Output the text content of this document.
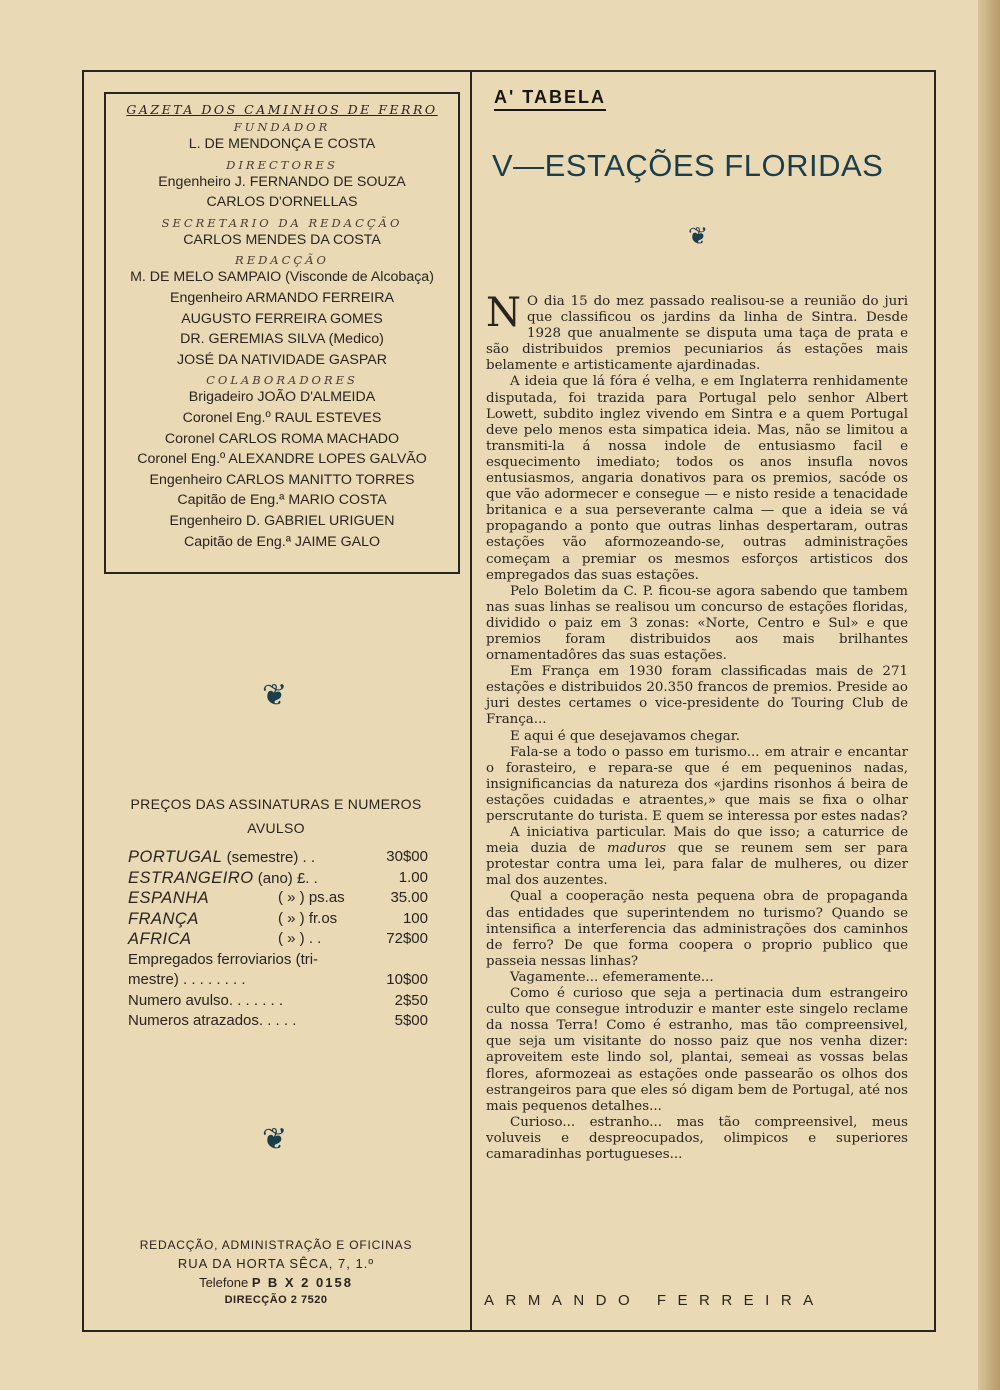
GAZETA DOS CAMINHOS DE FERRO
FUNDADOR
L. DE MENDONÇA E COSTA
DIRECTORES
Engenheiro J. FERNANDO DE SOUZA
CARLOS D'ORNELLAS
SECRETARIO DA REDACÇÃO
CARLOS MENDES DA COSTA
REDACÇÃO
M. DE MELO SAMPAIO (Visconde de Alcobaça)
Engenheiro ARMANDO FERREIRA
AUGUSTO FERREIRA GOMES
DR. GEREMIAS SILVA (Medico)
JOSÉ DA NATIVIDADE GASPAR
COLABORADORES
Brigadeiro JOÃO D'ALMEIDA
Coronel Eng.º RAUL ESTEVES
Coronel CARLOS ROMA MACHADO
Coronel Eng.º ALEXANDRE LOPES GALVÃO
Engenheiro CARLOS MANITTO TORRES
Capitão de Eng.ª MARIO COSTA
Engenheiro D. GABRIEL URIGUEN
Capitão de Eng.ª JAIME GALO
❦
PREÇOS DAS ASSINATURAS E NUMEROS
AVULSO
PORTUGAL (semestre) . .	30$00
ESTRANGEIRO (ano) £. .	1.00
ESPANHA	( » ) ps.as	35.00
FRANÇA	( » ) fr.os	100
AFRICA	( » ) . .	72$00
Empregados ferroviarios (tri-
mestre) . . . . . . . .	10$00
Numero avulso. . . . . . .	2$50
Numeros atrazados. . . . .	5$00
❦
REDACÇÃO, ADMINISTRAÇÃO E OFICINAS
RUA DA HORTA SÊCA, 7, 1.º
Telefone P B X 2 0158
DIRECÇÃO 2 7520
A' TABELA
V—ESTAÇÕES FLORIDAS
❦

N O dia 15 do mez passado realisou-se a reunião do juri que classificou os jardins da linha de Sintra. Desde 1928 que anualmente se disputa uma taça de prata e são distribuidos premios pecuniarios ás estações mais belamente e artisticamente ajardinadas.

A ideia que lá fóra é velha, e em Inglaterra renhidamente disputada, foi trazida para Portugal pelo senhor Albert Lowett, subdito inglez vivendo em Sintra e a quem Portugal deve pelo menos esta simpatica ideia. Mas, não se limitou a transmiti-la á nossa indole de entusiasmo facil e esquecimento imediato; todos os anos insufla novos entusiasmos, angaria donativos para os premios, sacóde os que vão adormecer e consegue — e nisto reside a tenacidade britanica e a sua perseverante calma — que a ideia se vá propagando a ponto que outras linhas despertaram, outras estações vão aformozeando-se, outras administrações começam a premiar os mesmos esforços artisticos dos empregados das suas estações.

Pelo Boletim da C. P. ficou-se agora sabendo que tambem nas suas linhas se realisou um concurso de estações floridas, dividido o paiz em 3 zonas: «Norte, Centro e Sul» e que premios foram distribuidos aos mais brilhantes ornamentadôres das suas estações.

Em França em 1930 foram classificadas mais de 271 estações e distribuidos 20.350 francos de premios. Preside ao juri destes certames o vice-presidente do Touring Club de França...

E aqui é que desejavamos chegar.

Fala-se a todo o passo em turismo... em atrair e encantar o forasteiro, e repara-se que é em pequeninos nadas, insignificancias da natureza dos «jardins risonhos á beira de estações cuidadas e atraentes,» que mais se fixa o olhar perscrutante do turista. E quem se interessa por estes nadas?

A iniciativa particular. Mais do que isso; a caturrice de meia duzia de maduros que se reunem sem ser para protestar contra uma lei, para falar de mulheres, ou dizer mal dos auzentes.

Qual a cooperação nesta pequena obra de propaganda das entidades que superintendem no turismo? Quando se intensifica a interferencia das administrações dos caminhos de ferro? De que forma coopera o proprio publico que passeia nessas linhas?

Vagamente... efemeramente...

Como é curioso que seja a pertinacia dum estrangeiro culto que consegue introduzir e manter este singelo reclame da nossa Terra! Como é estranho, mas tão compreensivel, que seja um visitante do nosso paiz que nos venha dizer: aproveitem este lindo sol, plantai, semeai as vossas belas flores, aformozeai as estações onde passearão os olhos dos estrangeiros para que eles só digam bem de Portugal, até nos mais pequenos detalhes...

Curioso... estranho... mas tão compreensivel, meus voluveis e despreocupados, olimpicos e superiores camaradinhas portugueses...

ARMANDO FERREIRA
